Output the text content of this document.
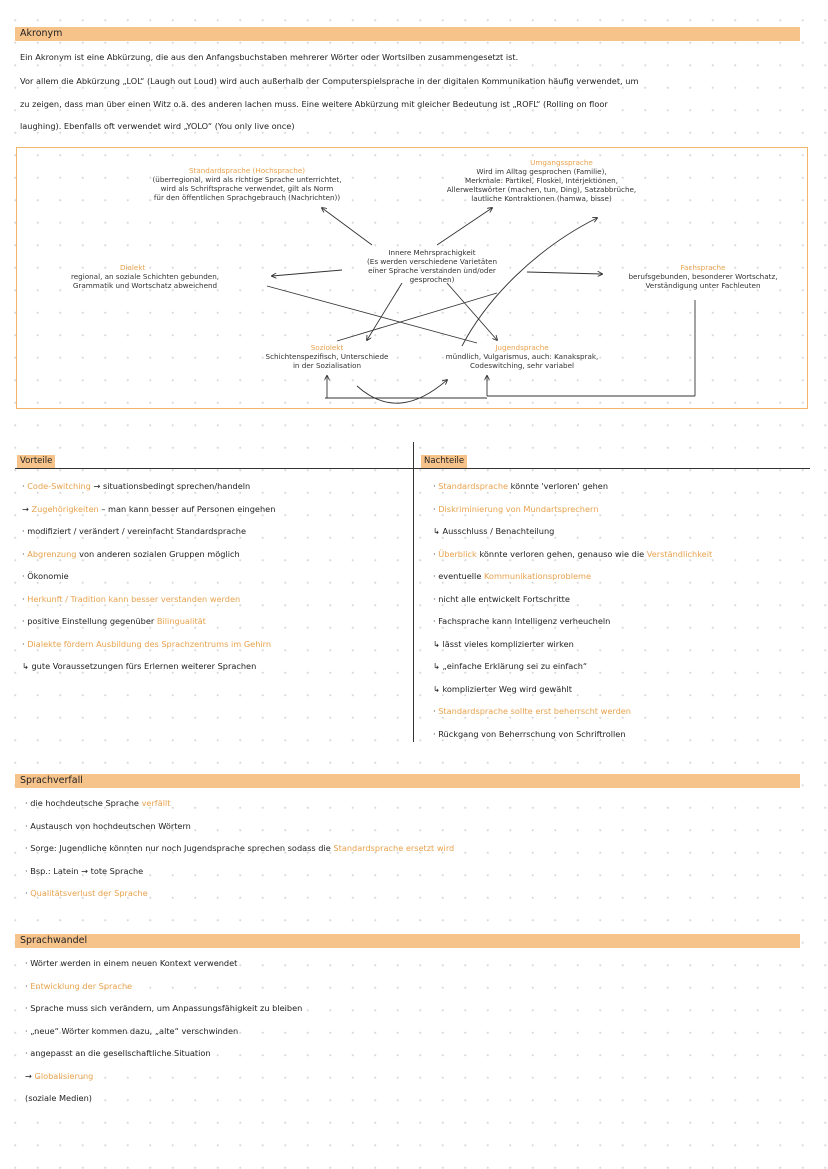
Akronym
Ein Akronym ist eine Abkürzung, die aus den Anfangsbuchstaben mehrerer Wörter oder Wortsilben zusammengesetzt ist.
Vor allem die Abkürzung „LOL“ (Laugh out Loud) wird auch außerhalb der Computerspielsprache in der digitalen Kommunikation häufig verwendet, um
zu zeigen, dass man über einen Witz o.ä. des anderen lachen muss. Eine weitere Abkürzung mit gleicher Bedeutung ist „ROFL“ (Rolling on floor
laughing). Ebenfalls oft verwendet wird „YOLO“ (You only live once)
Standardsprache (Hochsprache)
(überregional, wird als richtige Sprache unterrichtet,
wird als Schriftsprache verwendet, gilt als Norm
für den öffentlichen Sprachgebrauch (Nachrichten))
Umgangssprache
Wird im Alltag gesprochen (Familie),
Merkmale: Partikel, Floskel, Interjektionen,
Allerweltswörter (machen, tun, Ding), Satzabbrüche,
lautliche Kontraktionen (hamwa, bisse)
Innere Mehrsprachigkeit
(Es werden verschiedene Varietäten
einer Sprache verstanden und/oder
gesprochen)
Dialekt
regional, an soziale Schichten gebunden,
Grammatik und Wortschatz abweichend
Fachsprache
berufsgebunden, besonderer Wortschatz,
Verständigung unter Fachleuten
Soziolekt
Schichtenspezifisch, Unterschiede
in der Sozialisation
Jugendsprache
mündlich, Vulgarismus, auch: Kanaksprak,
Codeswitching, sehr variabel
Vorteile	Nachteile
· Code-Switching → situationsbedingt sprechen/handeln
→ Zugehörigkeiten – man kann besser auf Personen eingehen
· modifiziert / verändert / vereinfacht Standardsprache
· Abgrenzung von anderen sozialen Gruppen möglich
· Ökonomie
· Herkunft / Tradition kann besser verstanden werden
· positive Einstellung gegenüber Bilingualität
· Dialekte fördern Ausbildung des Sprachzentrums im Gehirn
↳ gute Voraussetzungen fürs Erlernen weiterer Sprachen
· Standardsprache könnte 'verloren' gehen
· Diskriminierung von Mundartsprechern
↳ Ausschluss / Benachteilung
· Überblick könnte verloren gehen, genauso wie die Verständlichkeit
· eventuelle Kommunikationsprobleme
· nicht alle entwickelt Fortschritte
· Fachsprache kann Intelligenz verheucheln
↳ lässt vieles komplizierter wirken
↳ „einfache Erklärung sei zu einfach“
↳ komplizierter Weg wird gewählt
· Standardsprache sollte erst beherrscht werden
· Rückgang von Beherrschung von Schriftrollen
Sprachverfall
· die hochdeutsche Sprache verfällt
· Austausch von hochdeutschen Wörtern
· Sorge: Jugendliche könnten nur noch Jugendsprache sprechen sodass die Standardsprache ersetzt wird
· Bsp.: Latein → tote Sprache
· Qualitätsverlust der Sprache
Sprachwandel
· Wörter werden in einem neuen Kontext verwendet
· Entwicklung der Sprache
· Sprache muss sich verändern, um Anpassungsfähigkeit zu bleiben
· „neue“ Wörter kommen dazu, „alte“ verschwinden
· angepasst an die gesellschaftliche Situation
→ Globalisierung
(soziale Medien)
